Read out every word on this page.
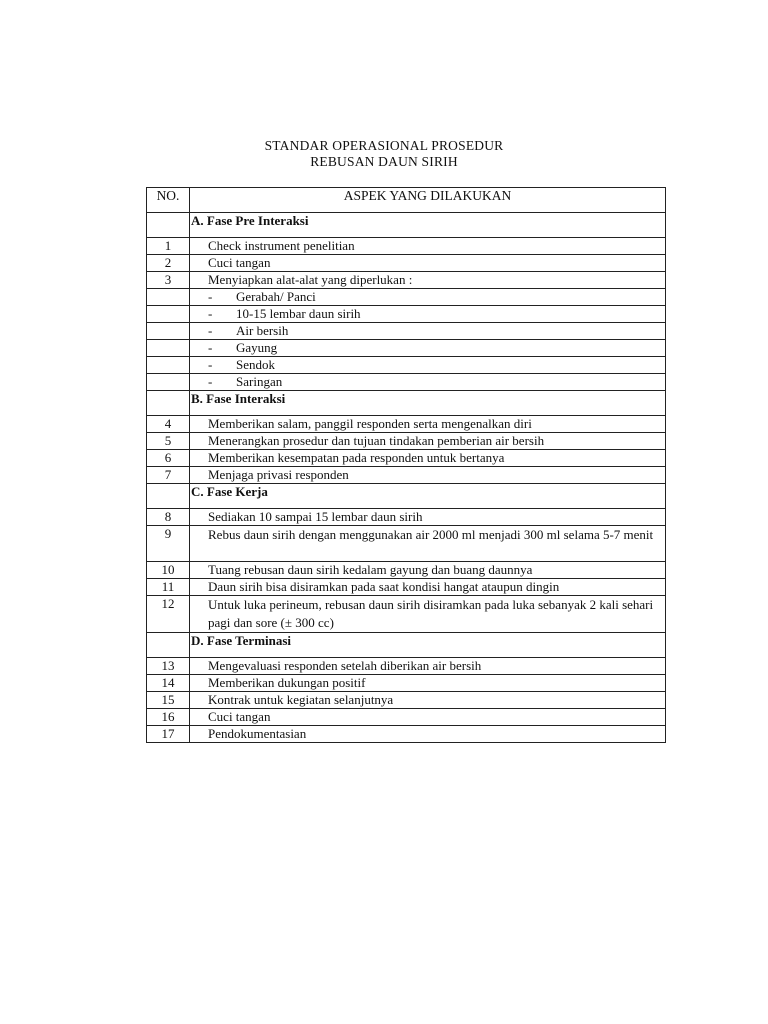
STANDAR OPERASIONAL PROSEDUR
REBUSAN DAUN SIRIH
NO.	ASPEK YANG DILAKUKAN
	A. Fase Pre Interaksi
1	Check instrument penelitian
2	Cuci tangan
3	Menyiapkan alat-alat yang diperlukan :
	- Gerabah/ Panci
	- 10-15 lembar daun sirih
	- Air bersih
	- Gayung
	- Sendok
	- Saringan
	B. Fase Interaksi
4	Memberikan salam, panggil responden serta mengenalkan diri
5	Menerangkan prosedur dan tujuan tindakan pemberian air bersih
6	Memberikan kesempatan pada responden untuk bertanya
7	Menjaga privasi responden
	C. Fase Kerja
8	Sediakan 10 sampai 15 lembar daun sirih
9	Rebus daun sirih dengan menggunakan air 2000 ml menjadi 300 ml selama 5-7 menit
10	Tuang rebusan daun sirih kedalam gayung dan buang daunnya
11	Daun sirih bisa disiramkan pada saat kondisi hangat ataupun dingin
12	Untuk luka perineum, rebusan daun sirih disiramkan pada luka sebanyak 2 kali sehari pagi dan sore (± 300 cc)
	D. Fase Terminasi
13	Mengevaluasi responden setelah diberikan air bersih
14	Memberikan dukungan positif
15	Kontrak untuk kegiatan selanjutnya
16	Cuci tangan
17	Pendokumentasian
